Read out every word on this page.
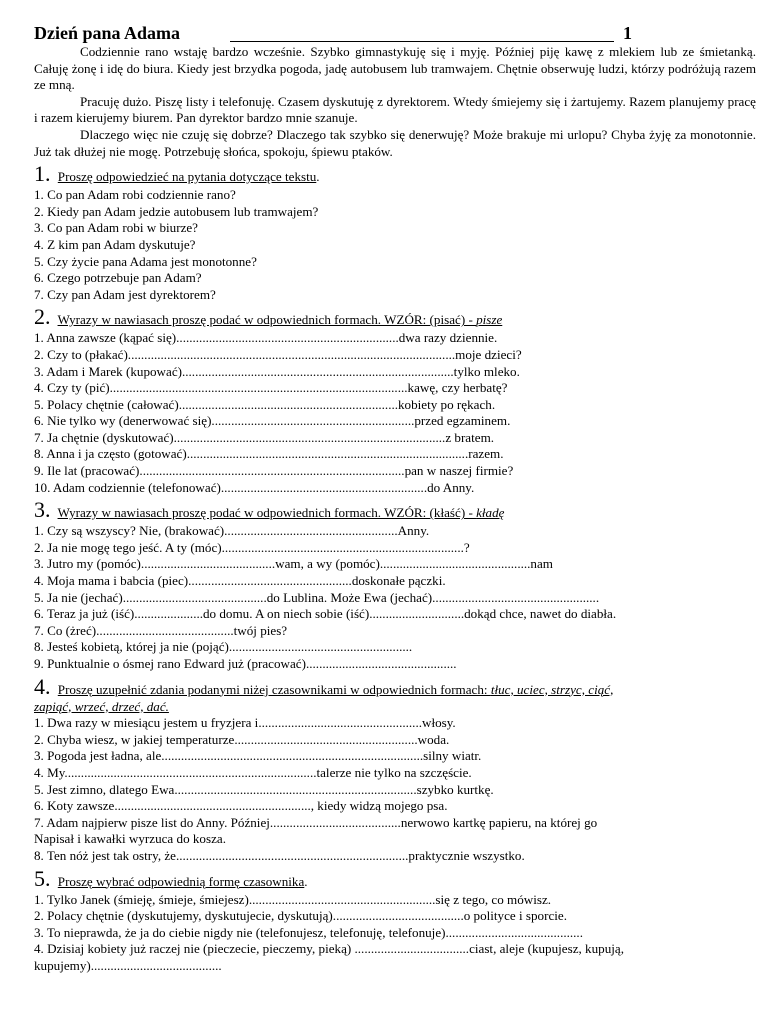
Dzień pana Adama	1
Codziennie rano wstaję bardzo wcześnie. Szybko gimnastykuję się i myję. Później piję kawę z mlekiem lub ze śmietanką. Całuję żonę i idę do biura. Kiedy jest brzydka pogoda, jadę autobusem lub tramwajem. Chętnie obserwuję ludzi, którzy podróżują razem ze mną.
Pracuję dużo. Piszę listy i telefonuję. Czasem dyskutuję z dyrektorem. Wtedy śmiejemy się i żartujemy. Razem planujemy pracę i razem kierujemy biurem. Pan dyrektor bardzo mnie szanuje.
Dlaczego więc nie czuję się dobrze? Dlaczego tak szybko się denerwuję? Może brakuje mi urlopu? Chyba żyję za monotonnie. Już tak dłużej nie mogę. Potrzebuję słońca, spokoju, śpiewu ptaków.
1. Proszę odpowiedzieć na pytania dotyczące tekstu.
1. Co pan Adam robi codziennie rano?
2. Kiedy pan Adam jedzie autobusem lub tramwajem?
3. Co pan Adam robi w biurze?
4. Z kim pan Adam dyskutuje?
5. Czy życie pana Adama jest monotonne?
6. Czego potrzebuje pan Adam?
7. Czy pan Adam jest dyrektorem?
2. Wyrazy w nawiasach proszę podać w odpowiednich formach. WZÓR: (pisać) - pisze
1. Anna zawsze (kąpać się)....................................................................dwa razy dziennie.
2. Czy to (płakać)....................................................................................................moje dzieci?
3. Adam i Marek (kupować)...................................................................................tylko mleko.
4. Czy ty (pić)...........................................................................................kawę, czy herbatę?
5. Polacy chętnie (całować)...................................................................kobiety po rękach.
6. Nie tylko wy (denerwować się)..............................................................przed egzaminem.
7. Ja chętnie (dyskutować)...................................................................................z bratem.
8. Anna i ja często (gotować)......................................................................................razem.
9. Ile lat (pracować).................................................................................pan w naszej firmie?
10. Adam codziennie (telefonować)...............................................................do Anny.
3. Wyrazy w nawiasach proszę podać w odpowiednich formach. WZÓR: (kłaść) - kładę
1. Czy są wszyscy? Nie, (brakować).....................................................Anny.
2. Ja nie mogę tego jeść. A ty (móc)..........................................................................?
3. Jutro my (pomóc).........................................wam, a wy (pomóc)..............................................nam
4. Moja mama i babcia (piec)..................................................doskonałe pączki.
5. Ja nie (jechać)............................................do Lublina. Może Ewa (jechać)...................................................
6. Teraz ja już (iść).....................do domu. A on niech sobie (iść).............................dokąd chce, nawet do diabła.
7. Co (żreć)..........................................twój pies?
8. Jesteś kobietą, której ja nie (pojąć)........................................................
9. Punktualnie o ósmej rano Edward już (pracować)..............................................
4. Proszę uzupełnić zdania podanymi niżej czasownikami w odpowiednich formach: tłuc, uciec, strzyc, ciąć,
zapiąć, wrzeć, drzeć, dać.
1. Dwa razy w miesiącu jestem u fryzjera i..................................................włosy.
2. Chyba wiesz, w jakiej temperaturze........................................................woda.
3. Pogoda jest ładna, ale................................................................................silny wiatr.
4. My.............................................................................talerze nie tylko na szczęście.
5. Jest zimno, dlatego Ewa..........................................................................szybko kurtkę.
6. Koty zawsze............................................................, kiedy widzą mojego psa.
7. Adam najpierw pisze list do Anny. Później........................................nerwowo kartkę papieru, na której go
Napisał i kawałki wyrzuca do kosza.
8. Ten nóż jest tak ostry, że.......................................................................praktycznie wszystko.
5. Proszę wybrać odpowiednią formę czasownika.
1. Tylko Janek (śmieję, śmieje, śmiejesz).........................................................się z tego, co mówisz.
2. Polacy chętnie (dyskutujemy, dyskutujecie, dyskutują)........................................o polityce i sporcie.
3. To nieprawda, że ja do ciebie nigdy nie (telefonujesz, telefonuję, telefonuje)..........................................
4. Dzisiaj kobiety już raczej nie (pieczecie, pieczemy, pieką) ...................................ciast, aleje (kupujesz, kupują,
kupujemy)........................................
